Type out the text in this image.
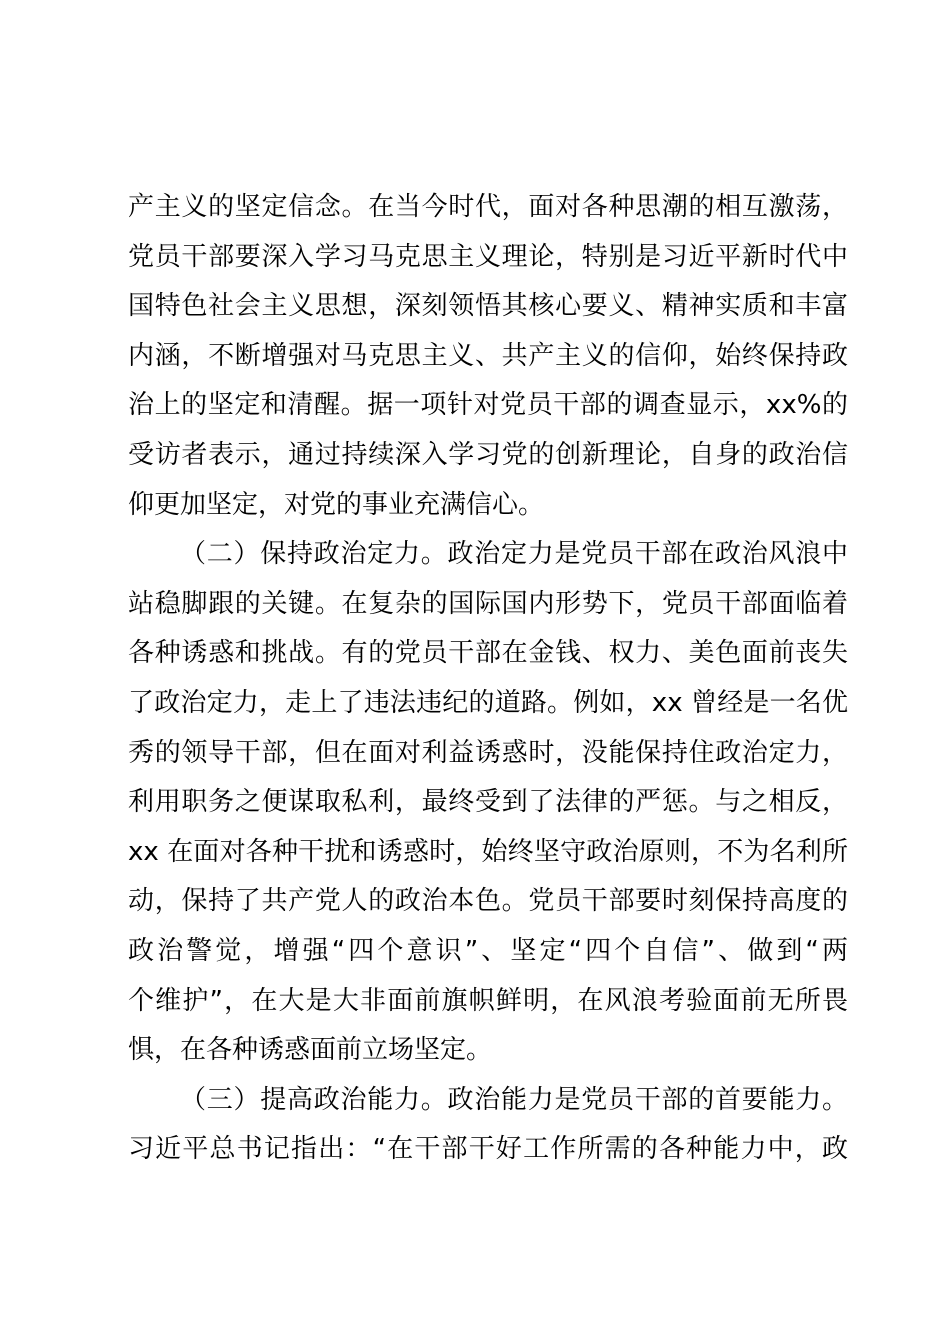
产主义的坚定信念。在当今时代，面对各种思潮的相互激荡，
党员干部要深入学习马克思主义理论，特别是习近平新时代中
国特色社会主义思想，深刻领悟其核心要义、精神实质和丰富
内涵，不断增强对马克思主义、共产主义的信仰，始终保持政
治上的坚定和清醒。据一项针对党员干部的调查显示，xx%的
受访者表示，通过持续深入学习党的创新理论，自身的政治信
仰更加坚定，对党的事业充满信心。
（二）保持政治定力。政治定力是党员干部在政治风浪中
站稳脚跟的关键。在复杂的国际国内形势下，党员干部面临着
各种诱惑和挑战。有的党员干部在金钱、权力、美色面前丧失
了政治定力，走上了违法违纪的道路。例如，xx 曾经是一名优
秀的领导干部，但在面对利益诱惑时，没能保持住政治定力，
利用职务之便谋取私利，最终受到了法律的严惩。与之相反，
xx 在面对各种干扰和诱惑时，始终坚守政治原则，不为名利所
动，保持了共产党人的政治本色。党员干部要时刻保持高度的
政治警觉，增强“四个意识”、坚定“四个自信”、做到“两
个维护”，在大是大非面前旗帜鲜明，在风浪考验面前无所畏
惧，在各种诱惑面前立场坚定。
（三）提高政治能力。政治能力是党员干部的首要能力。
习近平总书记指出：“在干部干好工作所需的各种能力中，政
